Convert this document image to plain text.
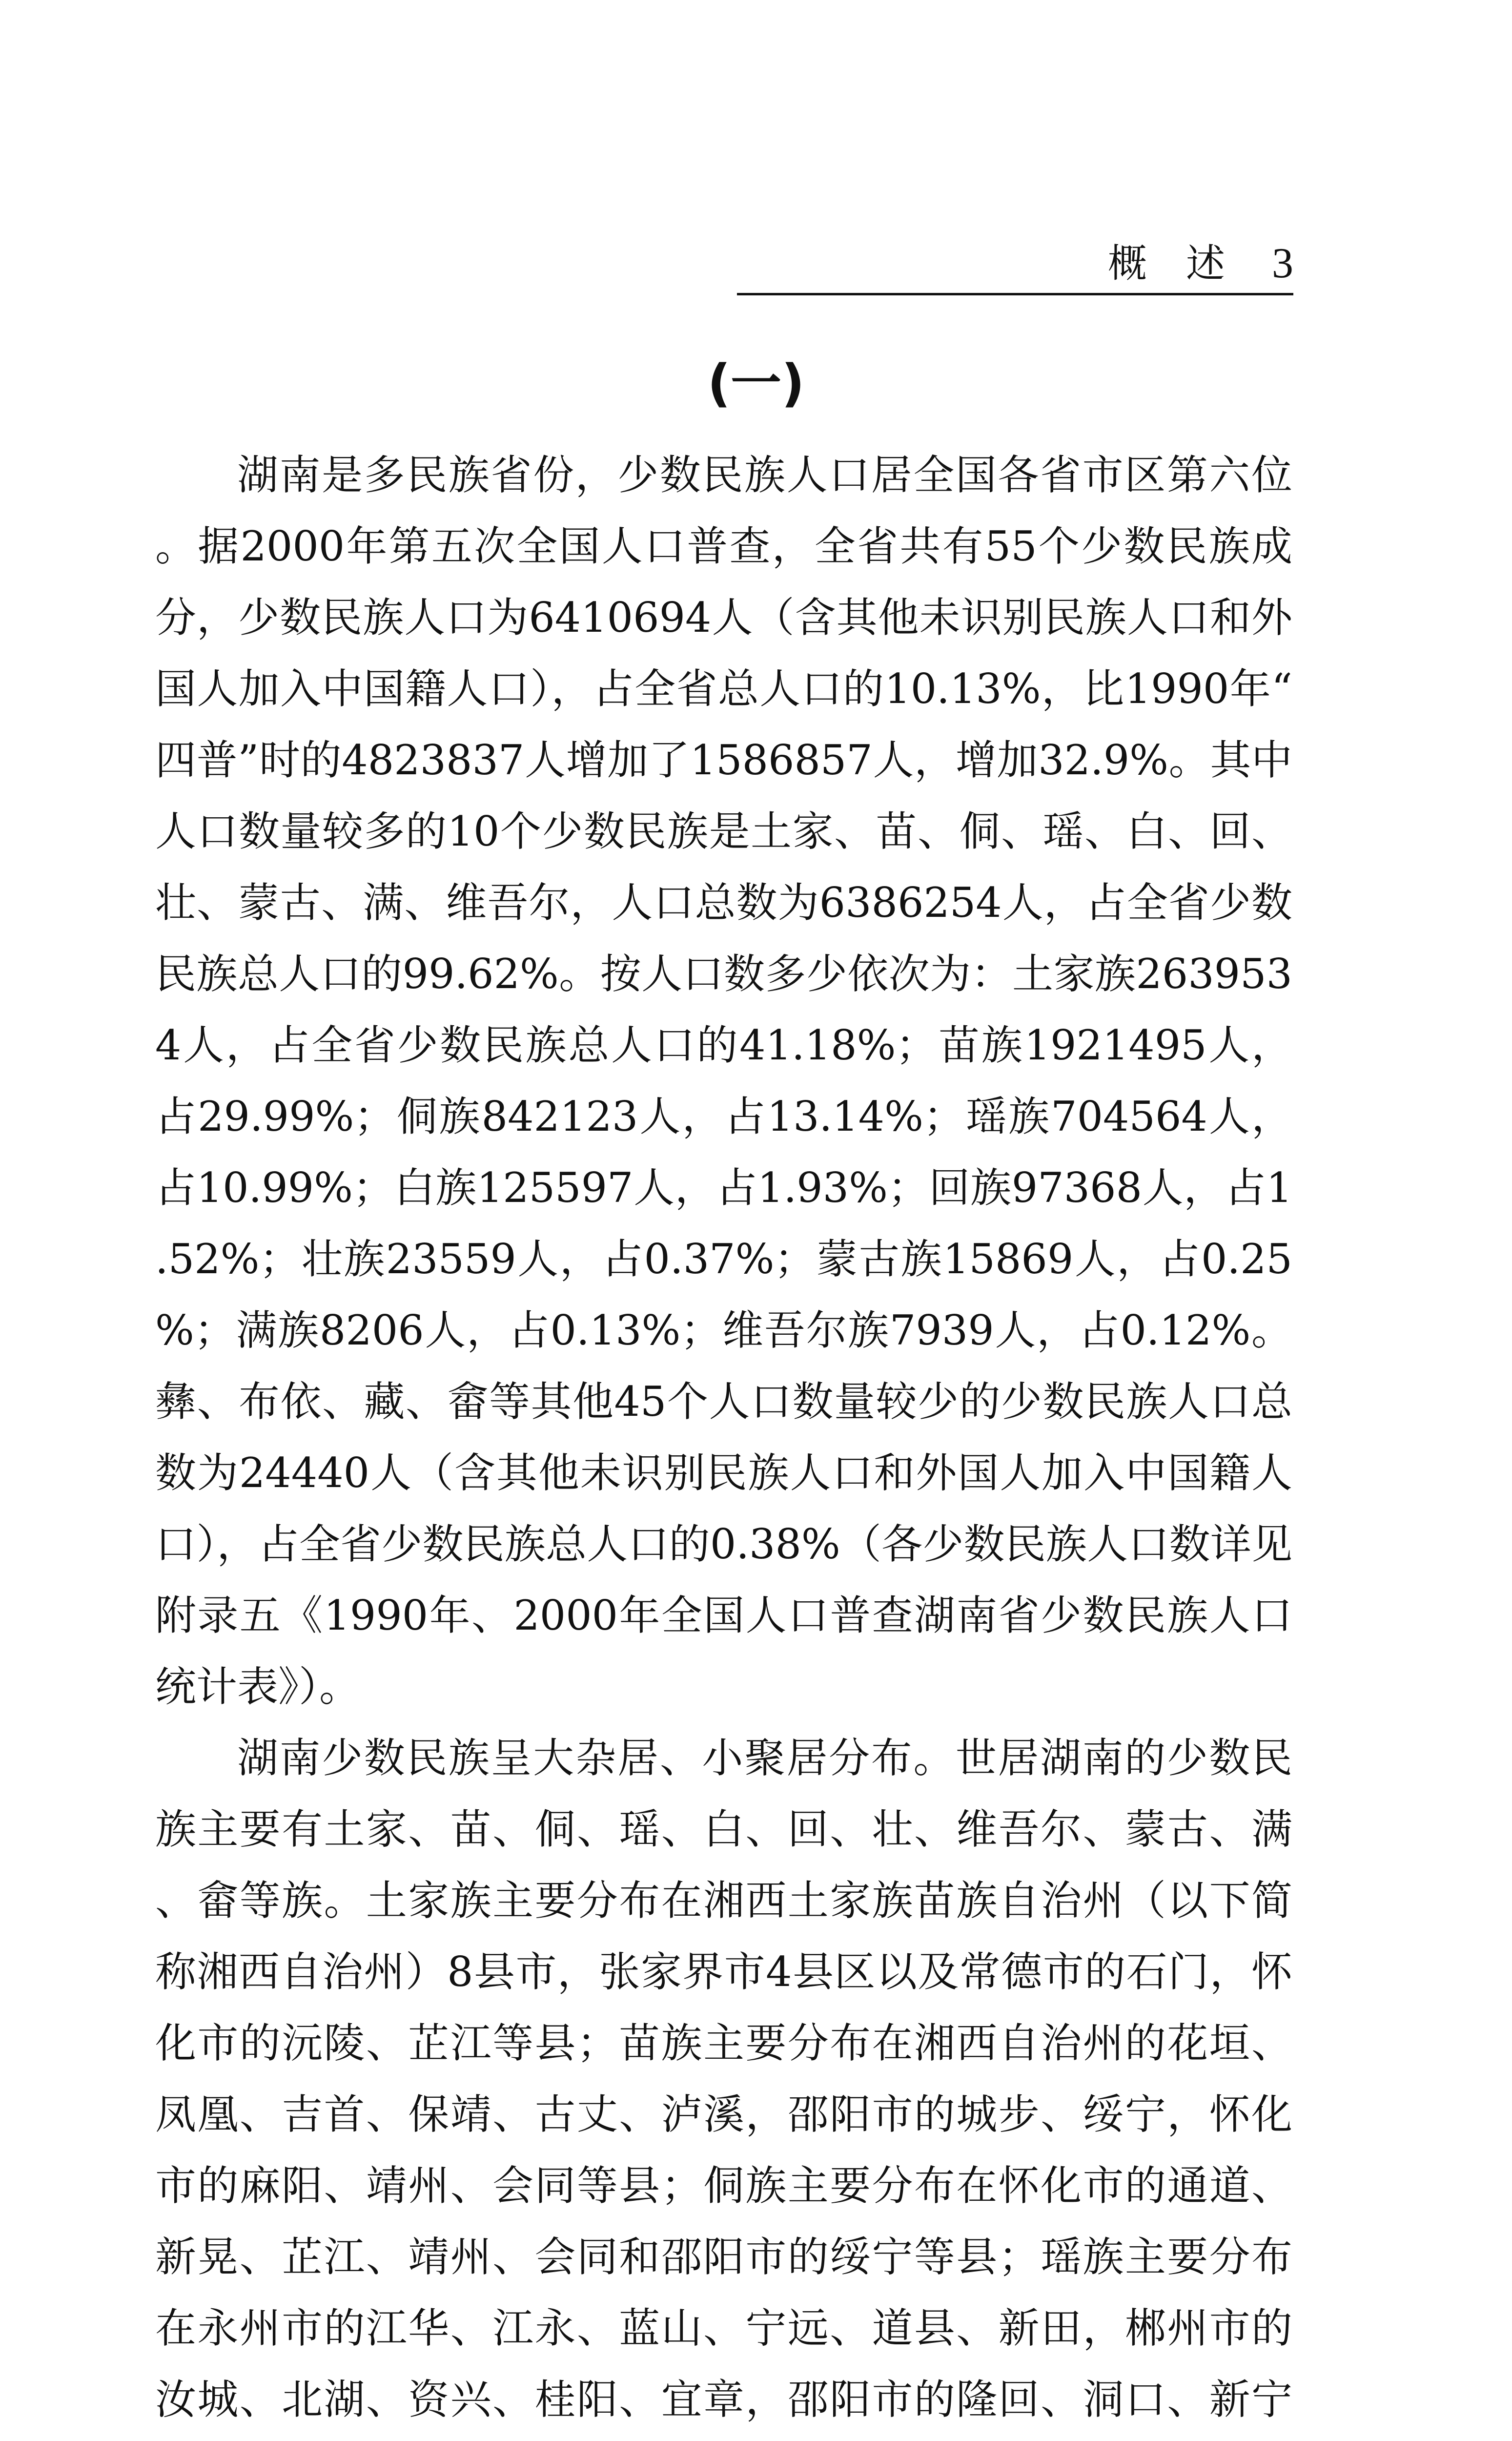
概述 3
(一)

湖南是多民族省份，少数民族人口居全国各省市区第六位。据2000年第五次全国人口普查，全省共有55个少数民族成分，少数民族人口为6410694人（含其他未识别民族人口和外国人加入中国籍人口），占全省总人口的10.13%，比1990年“四普”时的4823837人增加了1586857人，增加32.9%。其中人口数量较多的10个少数民族是土家、苗、侗、瑶、白、回、壮、蒙古、满、维吾尔，人口总数为6386254人，占全省少数民族总人口的99.62%。按人口数多少依次为：土家族2639534人，占全省少数民族总人口的41.18%；苗族1921495人，占29.99%；侗族842123人，占13.14%；瑶族704564人，占10.99%；白族125597人，占1.93%；回族97368人，占1.52%；壮族23559人，占0.37%；蒙古族15869人，占0.25%；满族8206人，占0.13%；维吾尔族7939人，占0.12%。彝、布依、藏、畲等其他45个人口数量较少的少数民族人口总数为24440人（含其他未识别民族人口和外国人加入中国籍人口），占全省少数民族总人口的0.38%（各少数民族人口数详见附录五《1990年、2000年全国人口普查湖南省少数民族人口统计表》）。

湖南少数民族呈大杂居、小聚居分布。世居湖南的少数民族主要有土家、苗、侗、瑶、白、回、壮、维吾尔、蒙古、满、畲等族。土家族主要分布在湘西土家族苗族自治州（以下简称湘西自治州）8县市，张家界市4县区以及常德市的石门，怀化市的沅陵、芷江等县；苗族主要分布在湘西自治州的花垣、凤凰、吉首、保靖、古丈、泸溪，邵阳市的城步、绥宁，怀化市的麻阳、靖州、会同等县；侗族主要分布在怀化市的通道、新晃、芷江、靖州、会同和邵阳市的绥宁等县；瑶族主要分布在永州市的江华、江永、蓝山、宁远、道县、新田，郴州市的汝城、北湖、资兴、桂阳、宜章，邵阳市的隆回、洞口、新宁
